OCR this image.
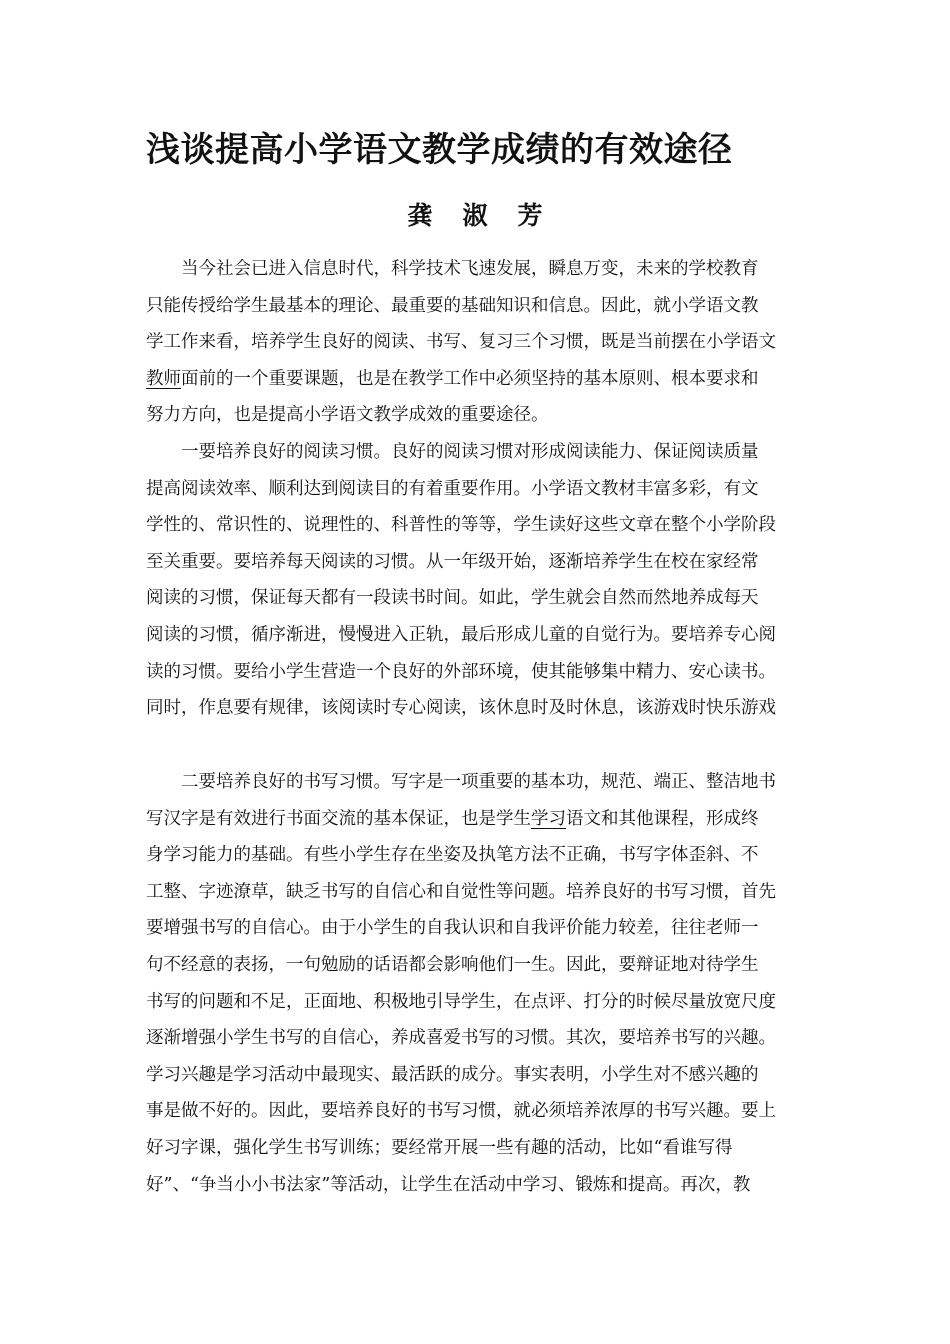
浅谈提高小学语文教学成绩的有效途径
龚 淑 芳
当今社会已进入信息时代，科学技术飞速发展，瞬息万变，未来的学校教育
只能传授给学生最基本的理论、最重要的基础知识和信息。因此，就小学语文教
学工作来看，培养学生良好的阅读、书写、复习三个习惯，既是当前摆在小学语文
教师面前的一个重要课题，也是在教学工作中必须坚持的基本原则、根本要求和
努力方向，也是提高小学语文教学成效的重要途径。
一要培养良好的阅读习惯。良好的阅读习惯对形成阅读能力、保证阅读质量
提高阅读效率、顺利达到阅读目的有着重要作用。小学语文教材丰富多彩，有文
学性的、常识性的、说理性的、科普性的等等，学生读好这些文章在整个小学阶段
至关重要。要培养每天阅读的习惯。从一年级开始，逐渐培养学生在校在家经常
阅读的习惯，保证每天都有一段读书时间。如此，学生就会自然而然地养成每天
阅读的习惯，循序渐进，慢慢进入正轨，最后形成儿童的自觉行为。要培养专心阅
读的习惯。要给小学生营造一个良好的外部环境，使其能够集中精力、安心读书。
同时，作息要有规律，该阅读时专心阅读，该休息时及时休息，该游戏时快乐游戏
二要培养良好的书写习惯。写字是一项重要的基本功，规范、端正、整洁地书
写汉字是有效进行书面交流的基本保证，也是学生学习语文和其他课程，形成终
身学习能力的基础。有些小学生存在坐姿及执笔方法不正确，书写字体歪斜、不
工整、字迹潦草，缺乏书写的自信心和自觉性等问题。培养良好的书写习惯，首先
要增强书写的自信心。由于小学生的自我认识和自我评价能力较差，往往老师一
句不经意的表扬，一句勉励的话语都会影响他们一生。因此，要辩证地对待学生
书写的问题和不足，正面地、积极地引导学生，在点评、打分的时候尽量放宽尺度
逐渐增强小学生书写的自信心，养成喜爱书写的习惯。其次，要培养书写的兴趣。
学习兴趣是学习活动中最现实、最活跃的成分。事实表明，小学生对不感兴趣的
事是做不好的。因此，要培养良好的书写习惯，就必须培养浓厚的书写兴趣。要上
好习字课，强化学生书写训练；要经常开展一些有趣的活动，比如“看谁写得
好”、“争当小小书法家”等活动，让学生在活动中学习、锻炼和提高。再次，教
